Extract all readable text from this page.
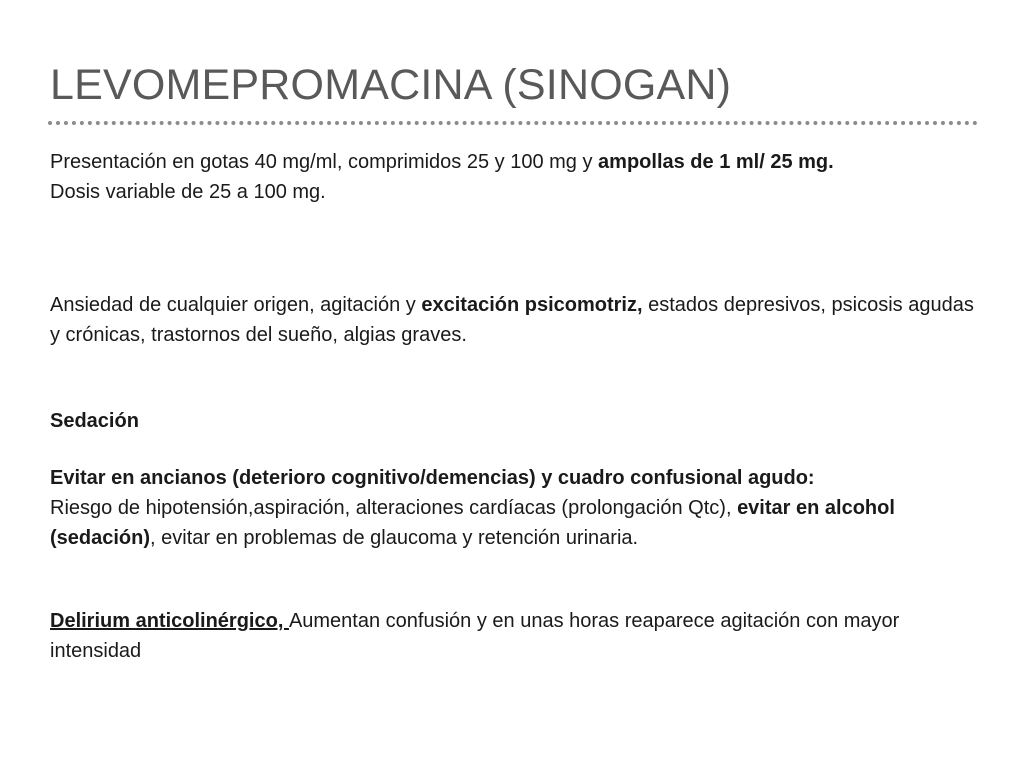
LEVOMEPROMACINA (SINOGAN)

Presentación en gotas 40 mg/ml, comprimidos 25 y 100 mg y ampollas de 1 ml/ 25 mg.
Dosis variable de 25 a 100 mg.

Ansiedad de cualquier origen, agitación y excitación psicomotriz, estados depresivos, psicosis agudas y crónicas, trastornos del sueño, algias graves.

Sedación

Evitar en ancianos (deterioro cognitivo/demencias) y cuadro confusional agudo:
Riesgo de hipotensión,aspiración, alteraciones cardíacas (prolongación Qtc), evitar en alcohol (sedación), evitar en problemas de glaucoma y retención urinaria.

Delirium anticolinérgico, Aumentan confusión y en unas horas reaparece agitación con mayor intensidad
